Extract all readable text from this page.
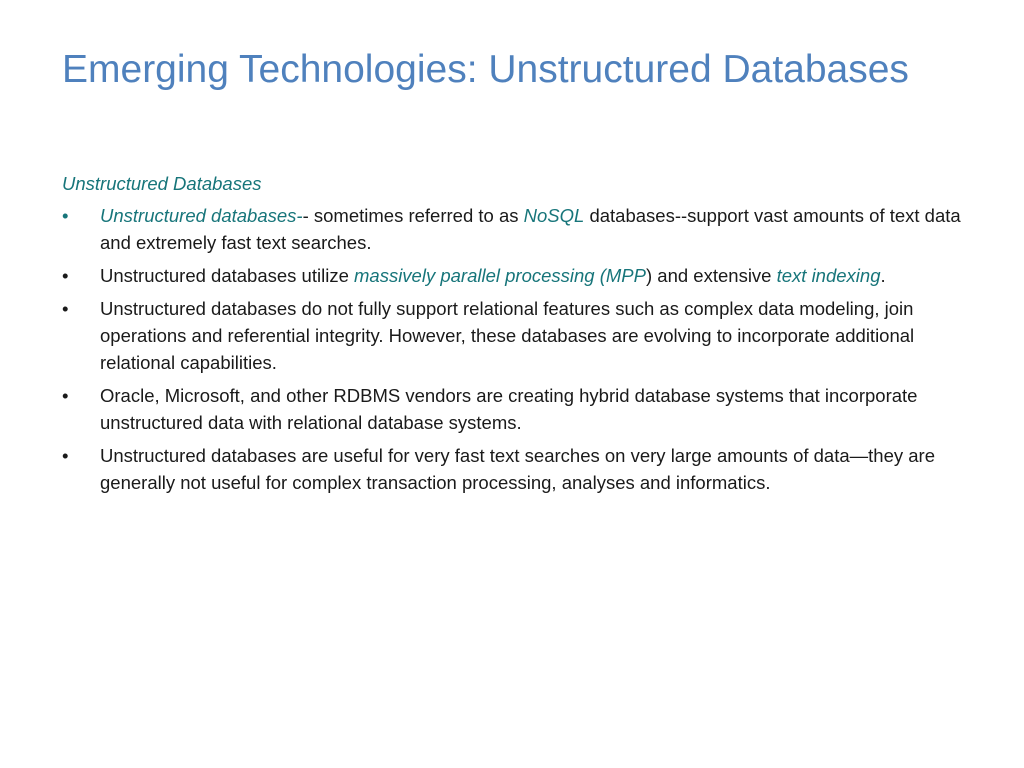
Emerging Technologies: Unstructured Databases
Unstructured Databases
• Unstructured databases-- sometimes referred to as NoSQL databases--support vast amounts of text data and extremely fast text searches.
• Unstructured databases utilize massively parallel processing (MPP) and extensive text indexing.
• Unstructured databases do not fully support relational features such as complex data modeling, join operations and referential integrity. However, these databases are evolving to incorporate additional relational capabilities.
• Oracle, Microsoft, and other RDBMS vendors are creating hybrid database systems that incorporate unstructured data with relational database systems.
• Unstructured databases are useful for very fast text searches on very large amounts of data—they are generally not useful for complex transaction processing, analyses and informatics.
